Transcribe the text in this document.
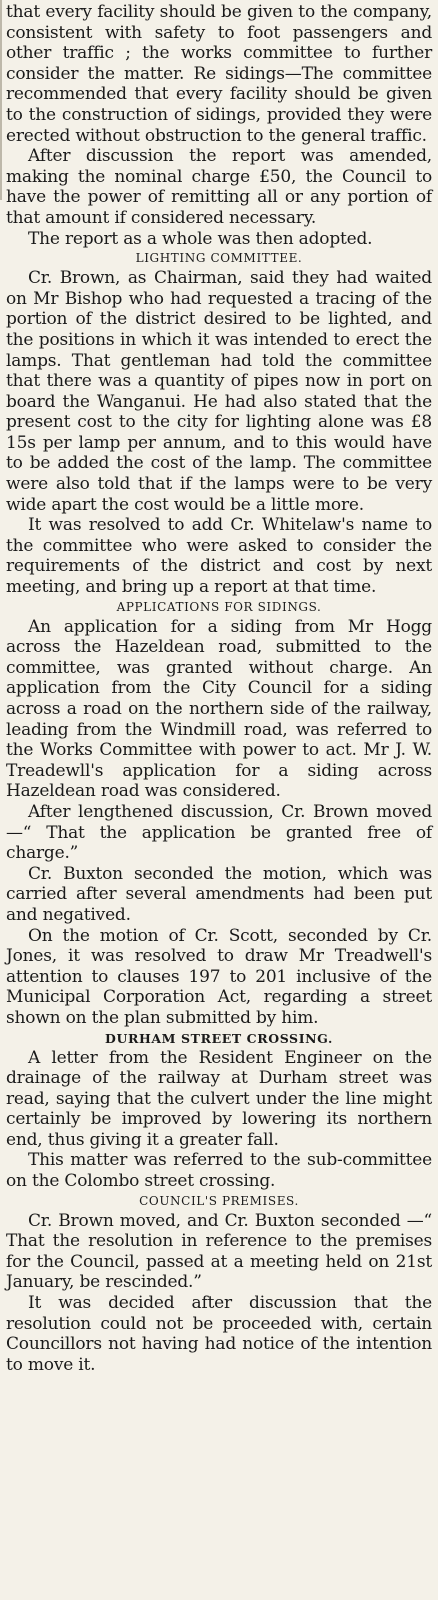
that every facility should be given to the company, consistent with safety to foot passengers and other traffic ; the works committee to further consider the matter. Re sidings—The committee recommended that every facility should be given to the construction of sidings, provided they were erected without obstruction to the general traffic.

After discussion the report was amended, making the nominal charge £50, the Council to have the power of remitting all or any portion of that amount if considered necessary.

The report as a whole was then adopted.

LIGHTING COMMITTEE.

Cr. Brown, as Chairman, said they had waited on Mr Bishop who had requested a tracing of the portion of the district desired to be lighted, and the positions in which it was intended to erect the lamps. That gentleman had told the committee that there was a quantity of pipes now in port on board the Wanganui. He had also stated that the present cost to the city for lighting alone was £8 15s per lamp per annum, and to this would have to be added the cost of the lamp. The committee were also told that if the lamps were to be very wide apart the cost would be a little more.

It was resolved to add Cr. Whitelaw's name to the committee who were asked to consider the requirements of the district and cost by next meeting, and bring up a report at that time.

APPLICATIONS FOR SIDINGS.

An application for a siding from Mr Hogg across the Hazeldean road, submitted to the committee, was granted without charge. An application from the City Council for a siding across a road on the northern side of the railway, leading from the Windmill road, was referred to the Works Committee with power to act. Mr J. W. Treadewll's application for a siding across Hazeldean road was considered.

After lengthened discussion, Cr. Brown moved—“ That the application be granted free of charge.”

Cr. Buxton seconded the motion, which was carried after several amendments had been put and negatived.

On the motion of Cr. Scott, seconded by Cr. Jones, it was resolved to draw Mr Treadwell's attention to clauses 197 to 201 inclusive of the Municipal Corporation Act, regarding a street shown on the plan submitted by him.

DURHAM STREET CROSSING.

A letter from the Resident Engineer on the drainage of the railway at Durham street was read, saying that the culvert under the line might certainly be improved by lowering its northern end, thus giving it a greater fall.

This matter was referred to the sub-committee on the Colombo street crossing.

COUNCIL'S PREMISES.

Cr. Brown moved, and Cr. Buxton seconded —“ That the resolution in reference to the premises for the Council, passed at a meeting held on 21st January, be rescinded.”

It was decided after discussion that the resolution could not be proceeded with, certain Councillors not having had notice of the intention to move it.
